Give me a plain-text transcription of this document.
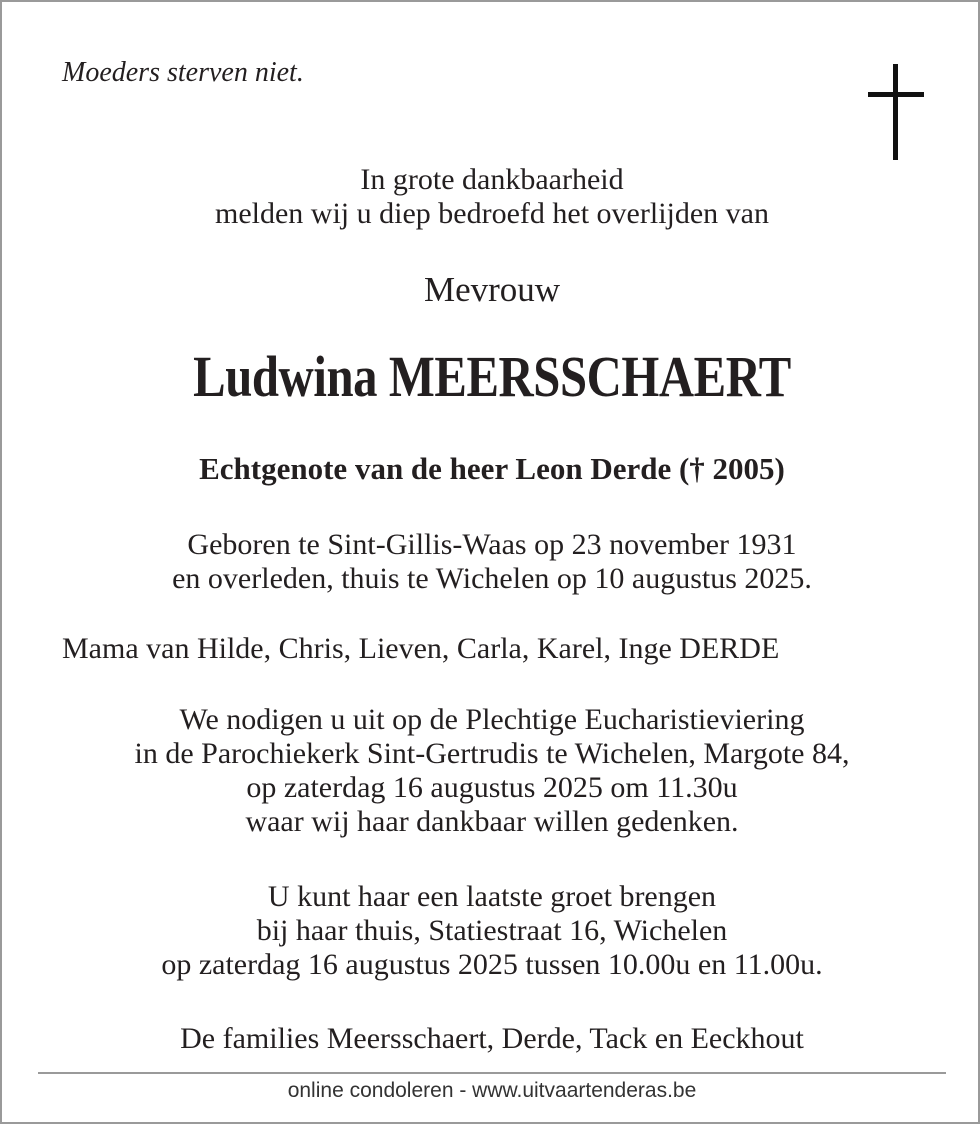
Moeders sterven niet.
In grote dankbaarheid
melden wij u diep bedroefd het overlijden van
Mevrouw
Ludwina MEERSSCHAERT
Echtgenote van de heer Leon Derde († 2005)
Geboren te Sint-Gillis-Waas op 23 november 1931
en overleden, thuis te Wichelen op 10 augustus 2025.
Mama van Hilde, Chris, Lieven, Carla, Karel, Inge DERDE
We nodigen u uit op de Plechtige Eucharistieviering
in de Parochiekerk Sint-Gertrudis te Wichelen, Margote 84,
op zaterdag 16 augustus 2025 om 11.30u
waar wij haar dankbaar willen gedenken.
U kunt haar een laatste groet brengen
bij haar thuis, Statiestraat 16, Wichelen
op zaterdag 16 augustus 2025 tussen 10.00u en 11.00u.
De families Meersschaert, Derde, Tack en Eeckhout
online condoleren - www.uitvaartenderas.be
